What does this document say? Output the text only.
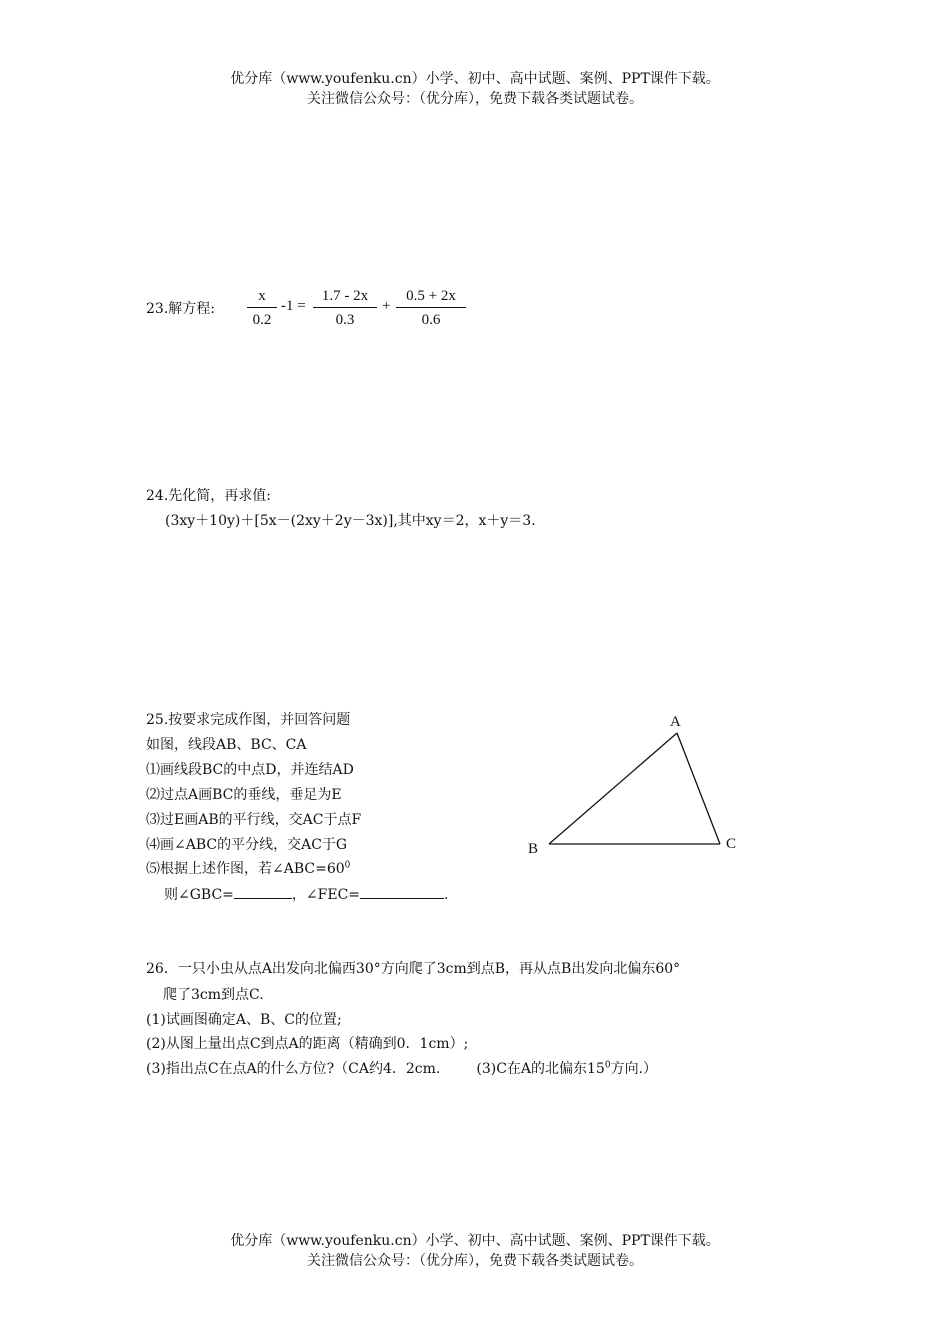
优分库（www.youfenku.cn）小学、初中、高中试题、案例、PPT课件下载。
关注微信公众号：（优分库），免费下载各类试题试卷。
23.解方程: $\frac{x}{0.2} -1 = \frac{1.7 - 2x}{0.3} + \frac{0.5 + 2x}{0.6}$
24.先化简，再求值:
(3xy＋10y)＋[5x－(2xy＋2y－3x)],其中xy＝2，x＋y＝3.
25.按要求完成作图，并回答问题
如图，线段AB、BC、CA
⑴画线段BC的中点D，并连结AD
⑵过点A画BC的垂线，垂足为E
⑶过E画AB的平行线，交AC于点F
⑷画∠ABC的平分线，交AC于G
⑸根据上述作图，若$\angle ABC=60^0$
则∠GBC=	，∠FEC=	.
A
B	C
26．一只小虫从点A出发向北偏西30°方向爬了3cm到点B，再从点B出发向北偏东60°
爬了3cm到点C.
(1)试画图确定A、B、C的位置;
(2)从图上量出点C到点A的距离（精确到0．1cm）;
(3)指出点C在点A的什么方位?（CA约4．2cm.	(3)C在A的北偏东$15^0$方向.）
优分库（www.youfenku.cn）小学、初中、高中试题、案例、PPT课件下载。
关注微信公众号：（优分库），免费下载各类试题试卷。
